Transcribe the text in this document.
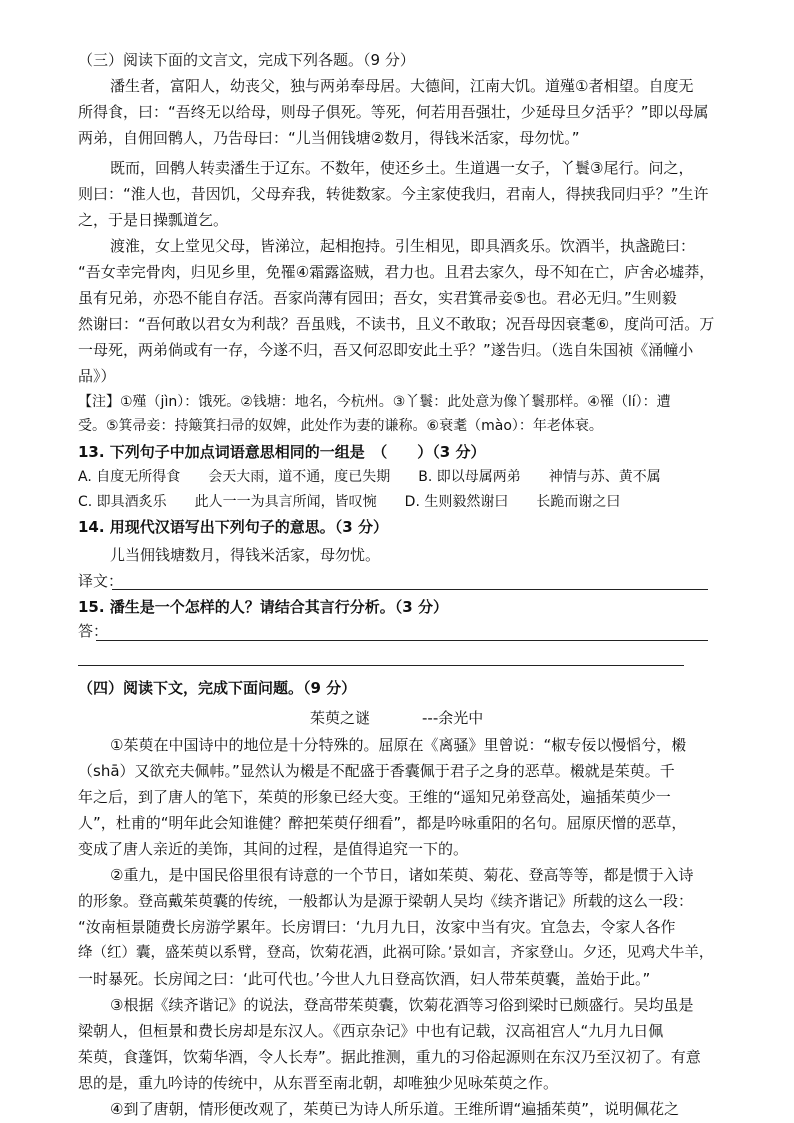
（三）阅读下面的文言文，完成下列各题。（9 分）
潘生者，富阳人，幼丧父，独与两弟奉母居。大德间，江南大饥。道殣①者相望。自度无
所得食，曰：“吾终无以给母，则母子俱死。等死，何若用吾强壮，少延母旦夕活乎？”即以母属
两弟，自佣回鹘人，乃告母曰：“儿当佣钱塘②数月，得钱米活家，母勿忧。”
既而，回鹘人转卖潘生于辽东。不数年，使还乡土。生道遇一女子，丫鬟③尾行。问之，
则曰：“淮人也，昔因饥，父母弃我，转徙数家。今主家使我归，君南人，得挟我同归乎？”生许
之，于是日操瓢道乞。
渡淮，女上堂见父母，皆涕泣，起相抱持。引生相见，即具酒炙乐。饮酒半，执盏跪曰：
“吾女幸完骨肉，归见乡里，免罹④霜露盗贼，君力也。且君去家久，母不知在亡，庐舍必墟莽，
虽有兄弟，亦恐不能自存活。吾家尚薄有园田；吾女，实君箕帚妾⑤也。君必无归。”生则毅
然谢曰：“吾何敢以君女为利哉？吾虽贱，不读书，且义不敢取；况吾母因衰耄⑥，度尚可活。万
一母死，两弟倘或有一存，今遂不归，吾又何忍即安此土乎？”遂告归。（选自朱国祯《涌幢小
品》）
【注】①殣（jìn）：饿死。②钱塘：地名，今杭州。③丫鬟：此处意为像丫鬟那样。④罹（lí）：遭
受。⑤箕帚妾：持簸箕扫帚的奴婢，此处作为妻的谦称。⑥衰耄（mào）：年老体衰。
13. 下列句子中加点词语意思相同的一组是　（　　）（3 分）
A. 自度无所得食　　会天大雨，道不通，度已失期　　B. 即以母属两弟　　神情与苏、黄不属
C. 即具酒炙乐　　此人一一为具言所闻，皆叹惋　　D. 生则毅然谢曰　　长跪而谢之曰
14. 用现代汉语写出下列句子的意思。（3 分）
儿当佣钱塘数月，得钱米活家，母勿忧。
译文：
15. 潘生是一个怎样的人？请结合其言行分析。（3 分）
答：
（四）阅读下文，完成下面问题。（9 分）
茱萸之谜	---余光中
①茱萸在中国诗中的地位是十分特殊的。屈原在《离骚》里曾说：“椒专佞以慢慆兮，樧
（shā）又欲充夫佩帏。”显然认为樧是不配盛于香囊佩于君子之身的恶草。樧就是茱萸。千
年之后，到了唐人的笔下，茱萸的形象已经大变。王维的“遥知兄弟登高处，遍插茱萸少一
人”，杜甫的“明年此会知谁健？醉把茱萸仔细看”，都是吟咏重阳的名句。屈原厌憎的恶草，
变成了唐人亲近的美饰，其间的过程，是值得追究一下的。
②重九，是中国民俗里很有诗意的一个节日，诸如茱萸、菊花、登高等等，都是惯于入诗
的形象。登高戴茱萸囊的传统，一般都认为是源于梁朝人吴均《续齐谐记》所载的这么一段：
“汝南桓景随费长房游学累年。长房谓曰：‘九月九日，汝家中当有灾。宜急去，令家人各作
绛（红）囊，盛茱萸以系臂，登高，饮菊花酒，此祸可除。’景如言，齐家登山。夕还，见鸡犬牛羊，
一时暴死。长房闻之曰：‘此可代也。’今世人九日登高饮酒，妇人带茱萸囊，盖始于此。”
③根据《续齐谐记》的说法，登高带茱萸囊，饮菊花酒等习俗到梁时已颇盛行。吴均虽是
梁朝人，但桓景和费长房却是东汉人。《西京杂记》中也有记载，汉高祖宫人“九月九日佩
茱萸，食蓬饵，饮菊华酒，令人长寿”。据此推测，重九的习俗起源则在东汉乃至汉初了。有意
思的是，重九吟诗的传统中，从东晋至南北朝，却唯独少见咏茱萸之作。
④到了唐朝，情形便改观了，茱萸已为诗人所乐道。王维所谓“遍插茱萸”，说明佩花之
